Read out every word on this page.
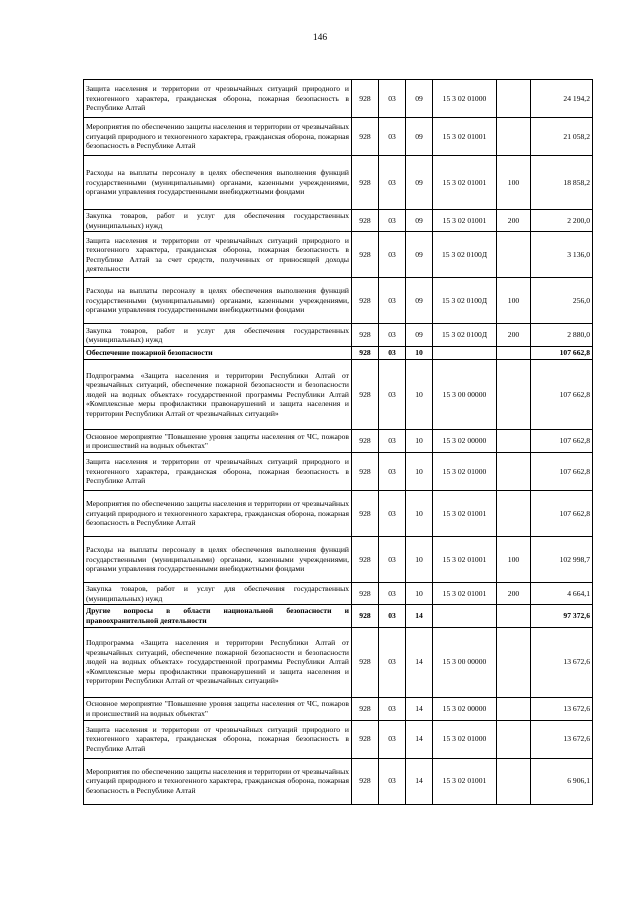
146
Защита населения и территории от чрезвычайных ситуаций природного и техногенного характера, гражданская оборона, пожарная безопасность в Республике Алтай	928	03	09	15 3 02 01000		24 194,2
Мероприятия по обеспечению защиты населения и территории от чрезвычайных ситуаций природного и техногенного характера, гражданская оборона, пожарная безопасность в Республике Алтай	928	03	09	15 3 02 01001		21 058,2
Расходы на выплаты персоналу в целях обеспечения выполнения функций государственными (муниципальными) органами, казенными учреждениями, органами управления государственными внебюджетными фондами	928	03	09	15 3 02 01001	100	18 858,2
Закупка товаров, работ и услуг для обеспечения государственных (муниципальных) нужд	928	03	09	15 3 02 01001	200	2 200,0
Защита населения и территории от чрезвычайных ситуаций природного и техногенного характера, гражданская оборона, пожарная безопасность в Республике Алтай за счет средств, полученных от приносящей доходы деятельности	928	03	09	15 3 02 0100Д		3 136,0
Расходы на выплаты персоналу в целях обеспечения выполнения функций государственными (муниципальными) органами, казенными учреждениями, органами управления государственными внебюджетными фондами	928	03	09	15 3 02 0100Д	100	256,0
Закупка товаров, работ и услуг для обеспечения государственных (муниципальных) нужд	928	03	09	15 3 02 0100Д	200	2 880,0
Обеспечение пожарной безопасности	928	03	10			107 662,8
Подпрограмма «Защита населения и территории Республики Алтай от чрезвычайных ситуаций, обеспечение пожарной безопасности и безопасности людей на водных объектах» государственной программы Республики Алтай «Комплексные меры профилактики правонарушений и защита населения и территории Республики Алтай от чрезвычайных ситуаций»	928	03	10	15 3 00 00000		107 662,8
Основное мероприятие "Повышение уровня защиты населения от ЧС, пожаров и происшествий на водных объектах"	928	03	10	15 3 02 00000		107 662,8
Защита населения и территории от чрезвычайных ситуаций природного и техногенного характера, гражданская оборона, пожарная безопасность в Республике Алтай	928	03	10	15 3 02 01000		107 662,8
Мероприятия по обеспечению защиты населения и территории от чрезвычайных ситуаций природного и техногенного характера, гражданская оборона, пожарная безопасность в Республике Алтай	928	03	10	15 3 02 01001		107 662,8
Расходы на выплаты персоналу в целях обеспечения выполнения функций государственными (муниципальными) органами, казенными учреждениями, органами управления государственными внебюджетными фондами	928	03	10	15 3 02 01001	100	102 998,7
Закупка товаров, работ и услуг для обеспечения государственных (муниципальных) нужд	928	03	10	15 3 02 01001	200	4 664,1
Другие вопросы в области национальной безопасности и правоохранительной деятельности	928	03	14			97 372,6
Подпрограмма «Защита населения и территории Республики Алтай от чрезвычайных ситуаций, обеспечение пожарной безопасности и безопасности людей на водных объектах» государственной программы Республики Алтай «Комплексные меры профилактики правонарушений и защита населения и территории Республики Алтай от чрезвычайных ситуаций»	928	03	14	15 3 00 00000		13 672,6
Основное мероприятие "Повышение уровня защиты населения от ЧС, пожаров и происшествий на водных объектах"	928	03	14	15 3 02 00000		13 672,6
Защита населения и территории от чрезвычайных ситуаций природного и техногенного характера, гражданская оборона, пожарная безопасность в Республике Алтай	928	03	14	15 3 02 01000		13 672,6
Мероприятия по обеспечению защиты населения и территории от чрезвычайных ситуаций природного и техногенного характера, гражданская оборона, пожарная безопасность в Республике Алтай	928	03	14	15 3 02 01001		6 906,1
